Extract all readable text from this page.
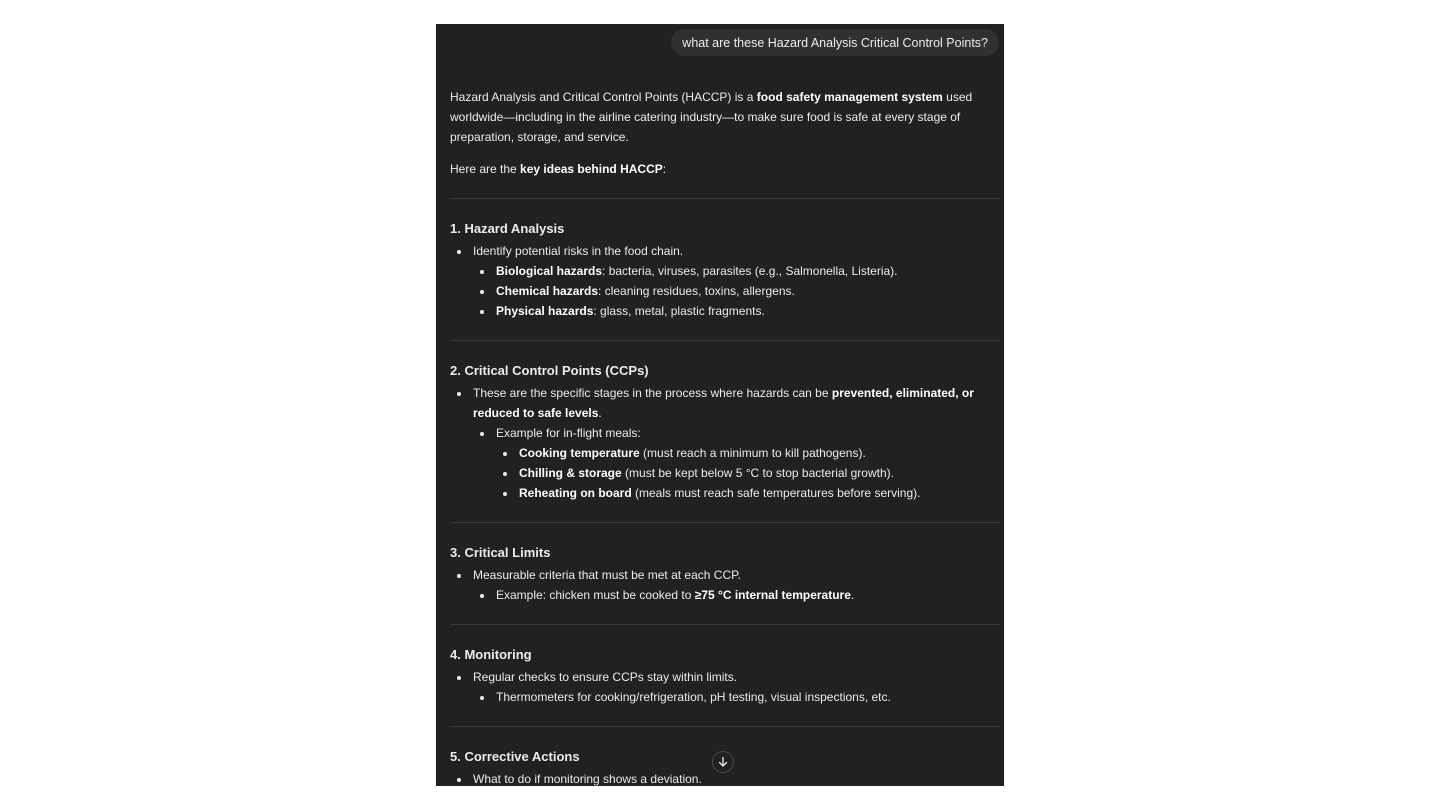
what are these Hazard Analysis Critical Control Points?

Hazard Analysis and Critical Control Points (HACCP) is a food safety management system used worldwide—including in the airline catering industry—to make sure food is safe at every stage of preparation, storage, and service.

Here are the key ideas behind HACCP:

1. Hazard Analysis
Identify potential risks in the food chain.
Biological hazards: bacteria, viruses, parasites (e.g., Salmonella, Listeria).
Chemical hazards: cleaning residues, toxins, allergens.
Physical hazards: glass, metal, plastic fragments.
2. Critical Control Points (CCPs)
These are the specific stages in the process where hazards can be prevented, eliminated, or reduced to safe levels.
Example for in-flight meals:
Cooking temperature (must reach a minimum to kill pathogens).
Chilling & storage (must be kept below 5 °C to stop bacterial growth).
Reheating on board (meals must reach safe temperatures before serving).
3. Critical Limits
Measurable criteria that must be met at each CCP.
Example: chicken must be cooked to ≥75 °C internal temperature.
4. Monitoring
Regular checks to ensure CCPs stay within limits.
Thermometers for cooking/refrigeration, pH testing, visual inspections, etc.
5. Corrective Actions
What to do if monitoring shows a deviation.
